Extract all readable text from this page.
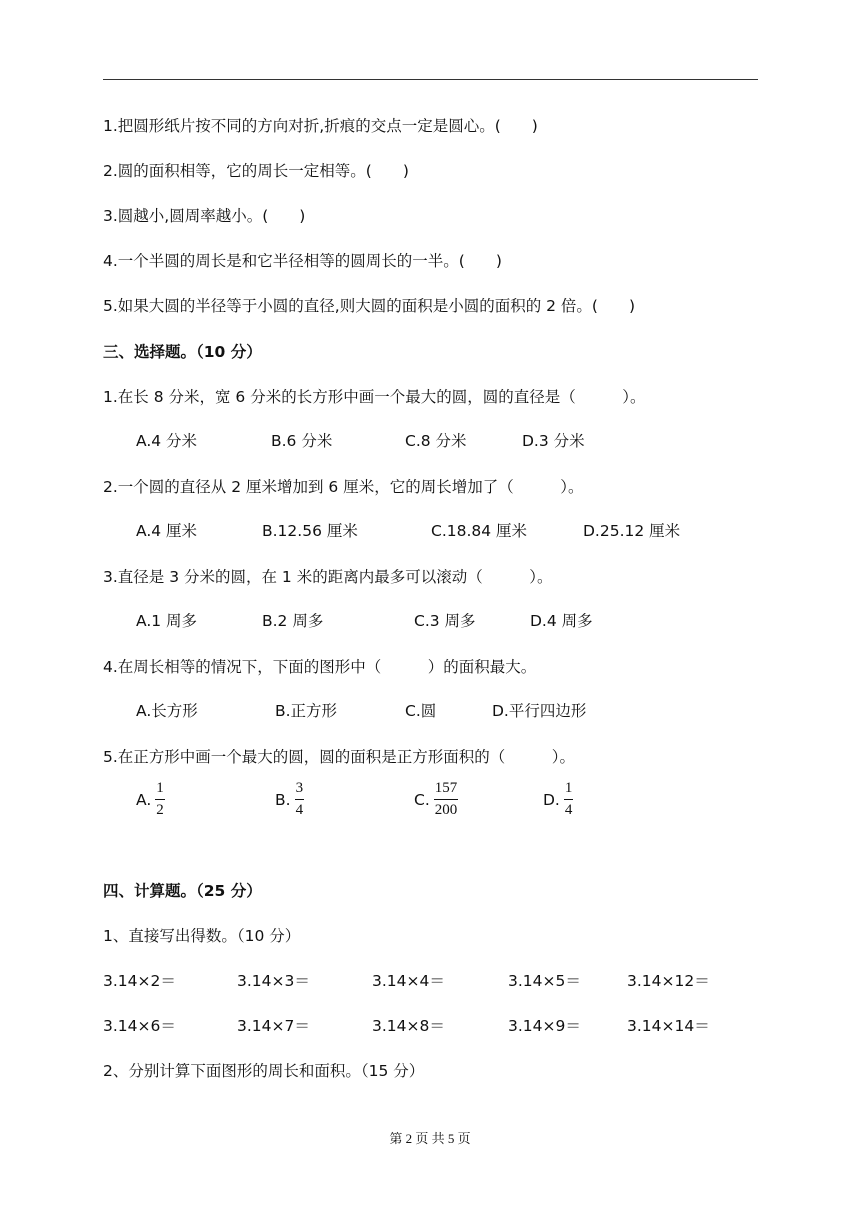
1.把圆形纸片按不同的方向对折,折痕的交点一定是圆心。(　　)
2.圆的面积相等，它的周长一定相等。(　　)
3.圆越小,圆周率越小。(　　)
4.一个半圆的周长是和它半径相等的圆周长的一半。(　　)
5.如果大圆的半径等于小圆的直径,则大圆的面积是小圆的面积的 2 倍。(　　)
三、选择题。（10 分）
1.在长 8 分米，宽 6 分米的长方形中画一个最大的圆，圆的直径是（　　　）。
A.4 分米	B.6 分米	C.8 分米	D.3 分米
2.一个圆的直径从 2 厘米增加到 6 厘米，它的周长增加了（　　　）。
A.4 厘米	B.12.56 厘米	C.18.84 厘米	D.25.12 厘米
3.直径是 3 分米的圆，在 1 米的距离内最多可以滚动（　　　）。
A.1 周多	B.2 周多	C.3 周多	D.4 周多
4.在周长相等的情况下，下面的图形中（　　　）的面积最大。
A.长方形	B.正方形	C.圆	D.平行四边形
5.在正方形中画一个最大的圆，圆的面积是正方形面积的（　　　）。
A. $\frac{1}{2}$	B. $\frac{3}{4}$	C. $\frac{157}{200}$	D. $\frac{1}{4}$
四、计算题。（25 分）
1、直接写出得数。（10 分）
3.14×2＝	3.14×3＝	3.14×4＝	3.14×5＝	3.14×12＝
3.14×6＝	3.14×7＝	3.14×8＝	3.14×9＝	3.14×14＝
2、分别计算下面图形的周长和面积。（15 分）
第 2 页 共 5 页
